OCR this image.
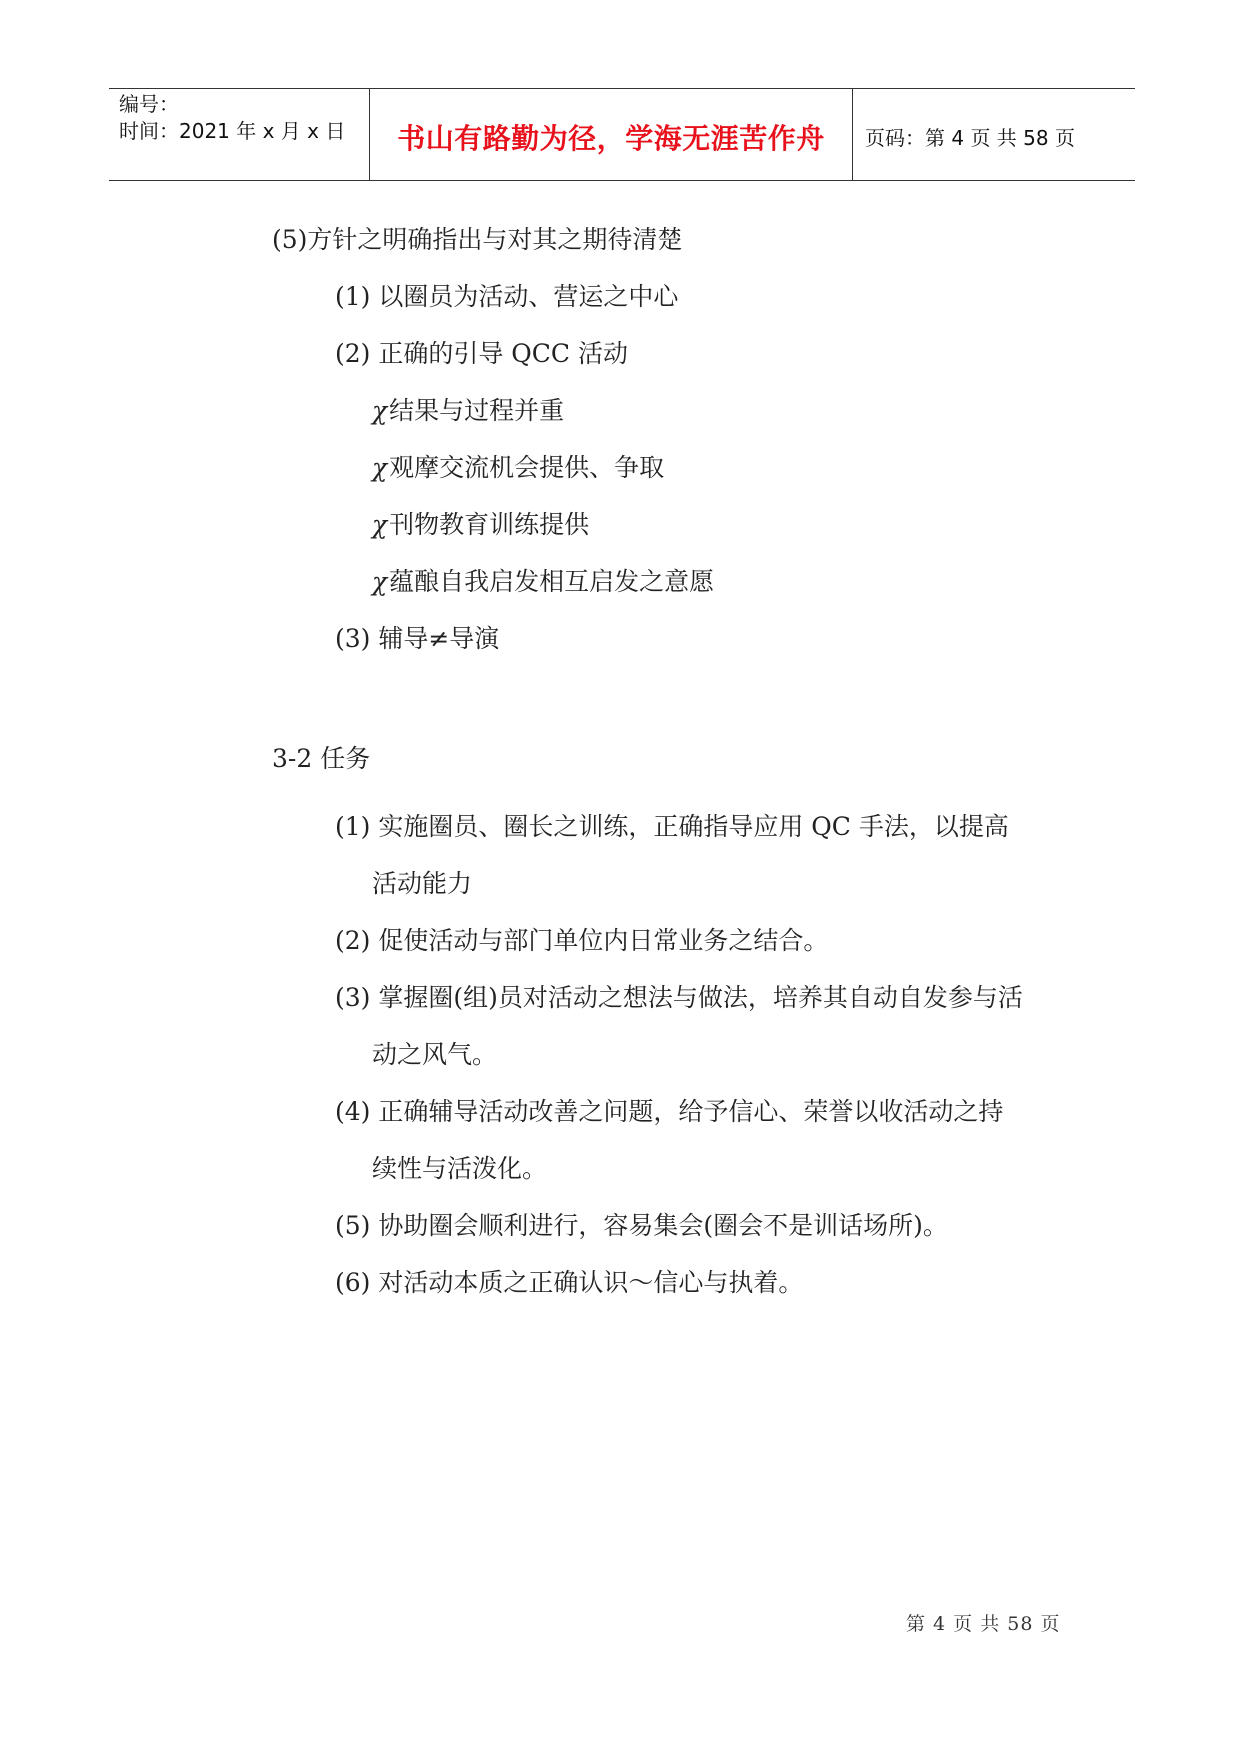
编号：
时间：2021 年 x 月 x 日	书山有路勤为径，学海无涯苦作舟	页码：第 4 页 共 58 页
(5)方针之明确指出与对其之期待清楚
(1) 以圈员为活动、营运之中心
(2) 正确的引导 QCC 活动
χ结果与过程并重
χ观摩交流机会提供、争取
χ刊物教育训练提供
χ蕴酿自我启发相互启发之意愿
(3) 辅导≠导演
3-2 任务
(1) 实施圈员、圈长之训练，正确指导应用 QC 手法，以提高
活动能力
(2) 促使活动与部门单位内日常业务之结合。
(3) 掌握圈(组)员对活动之想法与做法，培养其自动自发参与活
动之风气。
(4) 正确辅导活动改善之问题，给予信心、荣誉以收活动之持
续性与活泼化。
(5) 协助圈会顺利进行，容易集会(圈会不是训话场所)。
(6) 对活动本质之正确认识～信心与执着。
第 4 页 共 58 页
